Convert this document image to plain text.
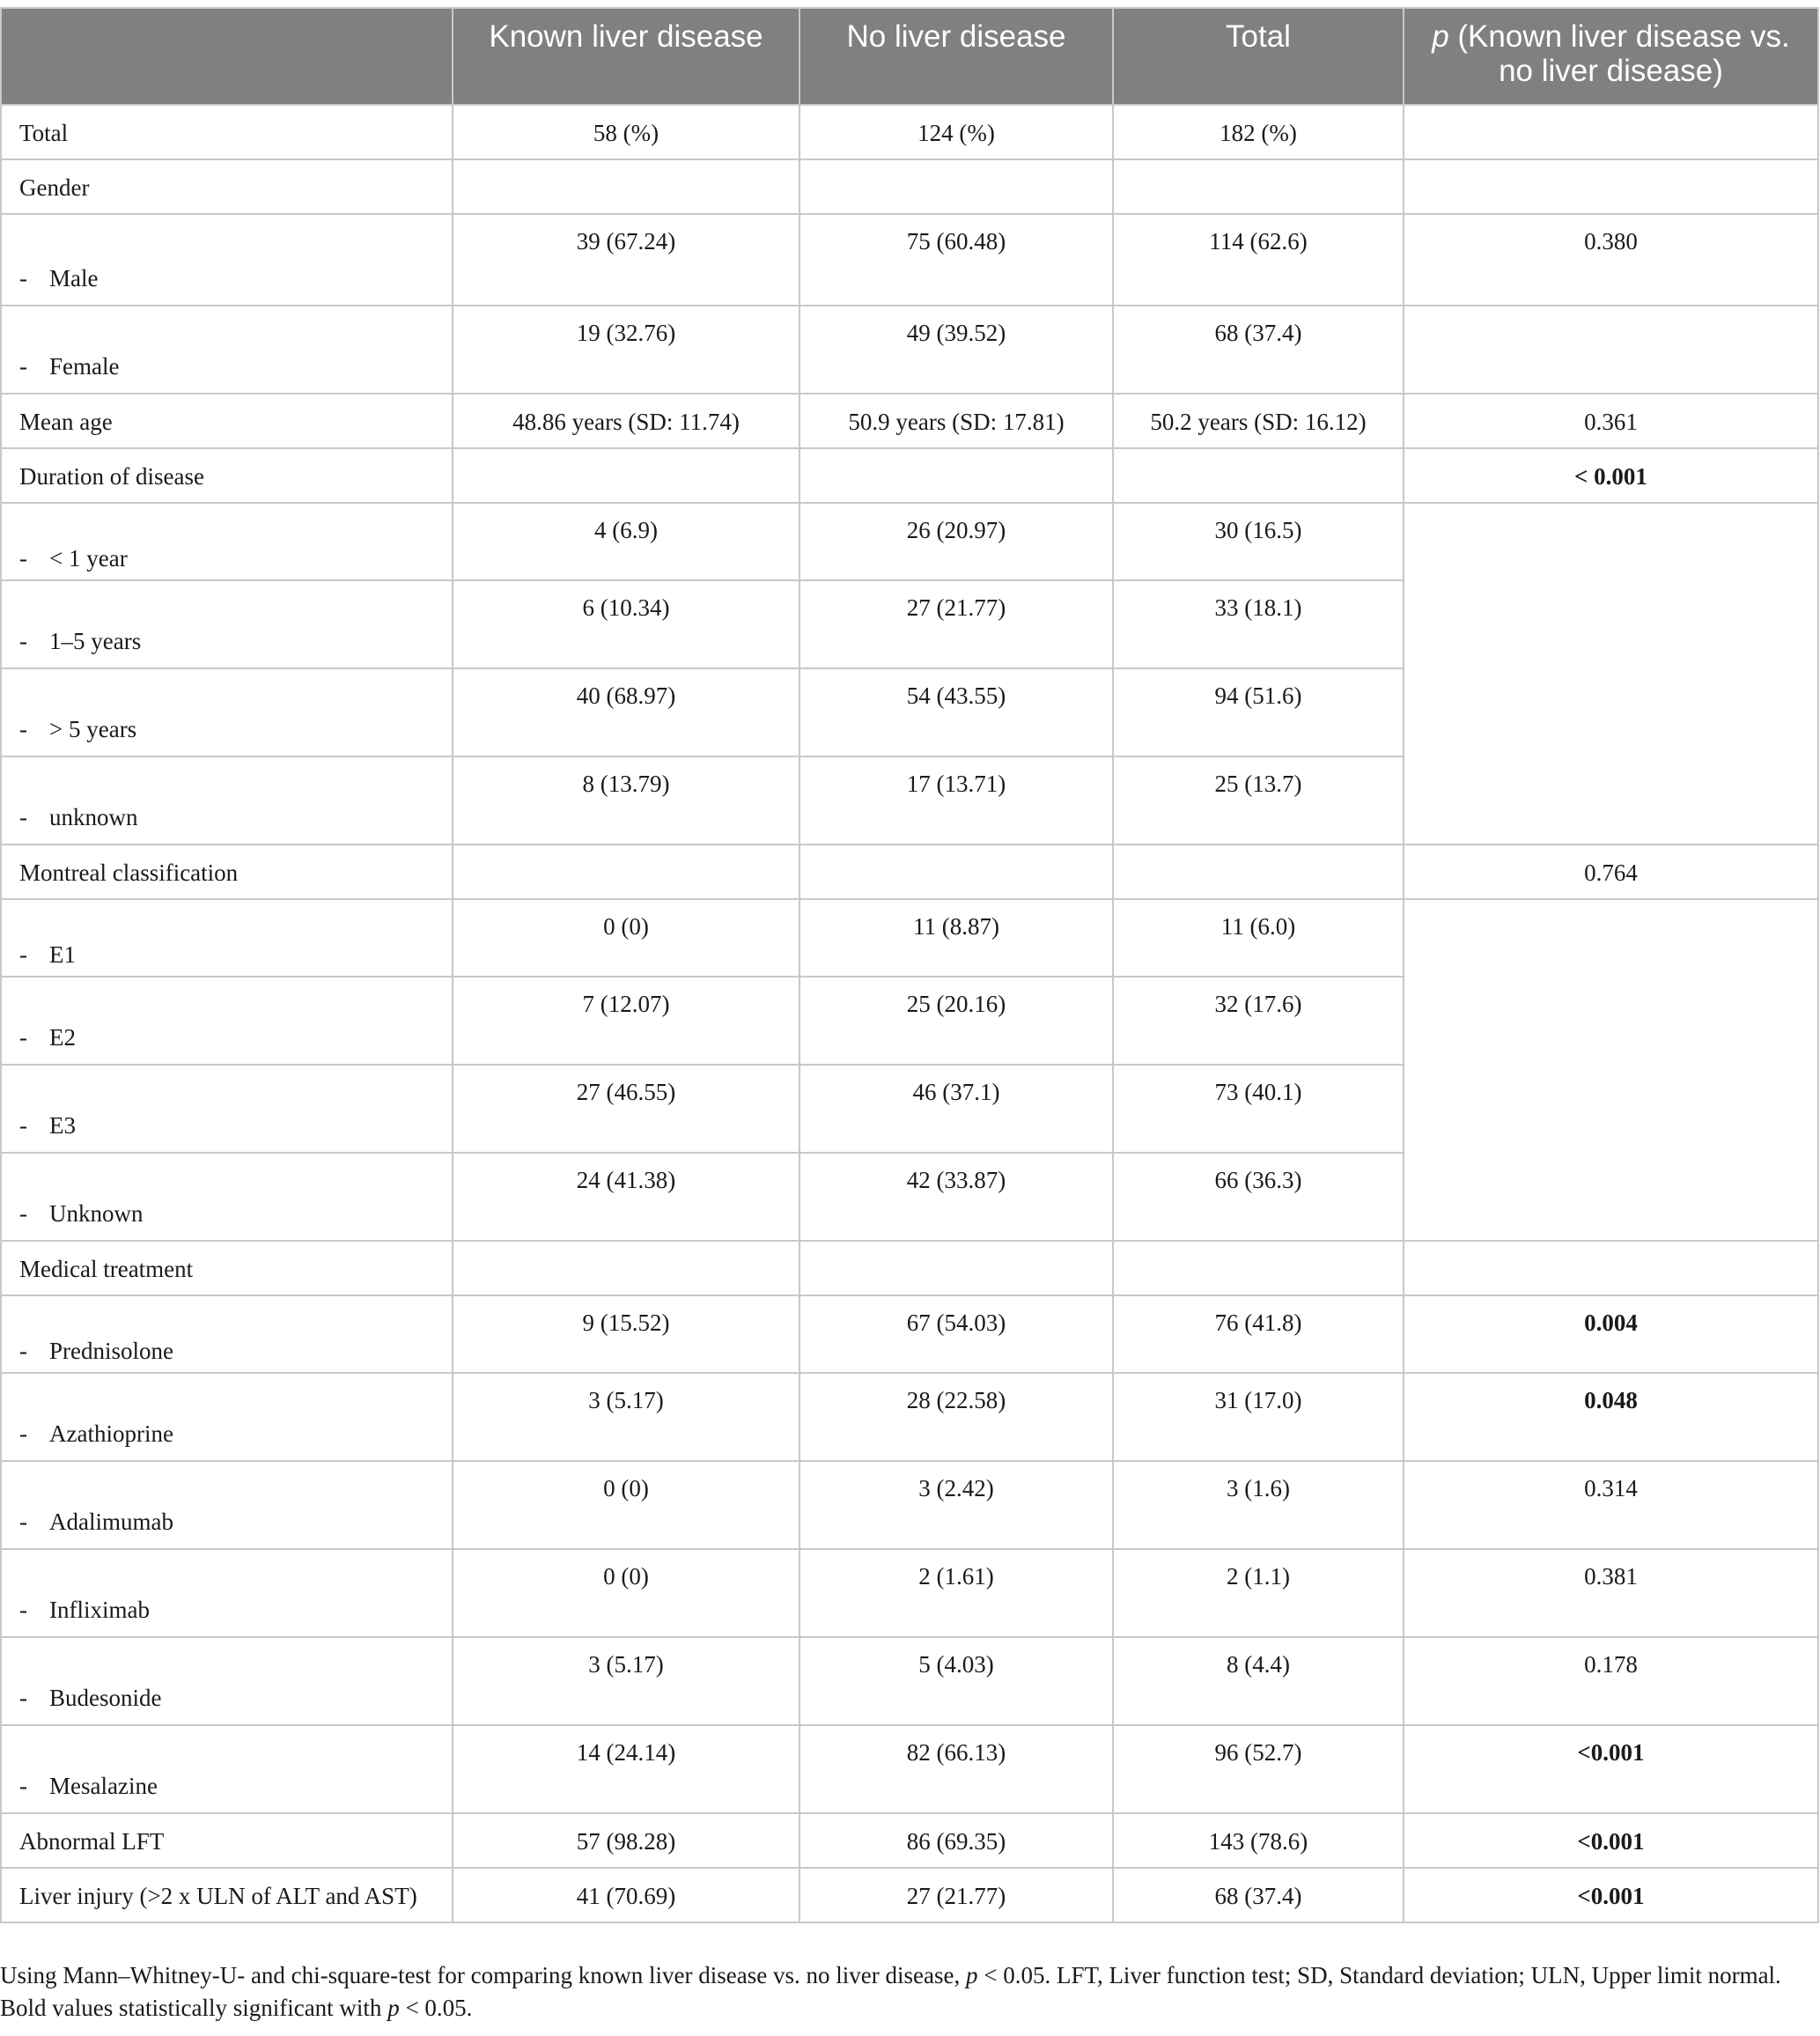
	Known liver disease	No liver disease	Total	p (Known liver disease vs. no liver disease)
Total	58 (%)	124 (%)	182 (%)	
Gender				
- Male	39 (67.24)	75 (60.48)	114 (62.6)	0.380
- Female	19 (32.76)	49 (39.52)	68 (37.4)	
Mean age	48.86 years (SD: 11.74)	50.9 years (SD: 17.81)	50.2 years (SD: 16.12)	0.361
Duration of disease				< 0.001
- < 1 year	4 (6.9)	26 (20.97)	30 (16.5)	
- 1–5 years	6 (10.34)	27 (21.77)	33 (18.1)	
- > 5 years	40 (68.97)	54 (43.55)	94 (51.6)	
- unknown	8 (13.79)	17 (13.71)	25 (13.7)	
Montreal classification				0.764
- E1	0 (0)	11 (8.87)	11 (6.0)	
- E2	7 (12.07)	25 (20.16)	32 (17.6)	
- E3	27 (46.55)	46 (37.1)	73 (40.1)	
- Unknown	24 (41.38)	42 (33.87)	66 (36.3)	
Medical treatment				
- Prednisolone	9 (15.52)	67 (54.03)	76 (41.8)	0.004
- Azathioprine	3 (5.17)	28 (22.58)	31 (17.0)	0.048
- Adalimumab	0 (0)	3 (2.42)	3 (1.6)	0.314
- Infliximab	0 (0)	2 (1.61)	2 (1.1)	0.381
- Budesonide	3 (5.17)	5 (4.03)	8 (4.4)	0.178
- Mesalazine	14 (24.14)	82 (66.13)	96 (52.7)	<0.001
Abnormal LFT	57 (98.28)	86 (69.35)	143 (78.6)	<0.001
Liver injury (>2 x ULN of ALT and AST)	41 (70.69)	27 (21.77)	68 (37.4)	<0.001
Using Mann–Whitney-U- and chi-square-test for comparing known liver disease vs. no liver disease, p < 0.05. LFT, Liver function test; SD, Standard deviation; ULN, Upper limit normal. Bold values statistically significant with p < 0.05.
